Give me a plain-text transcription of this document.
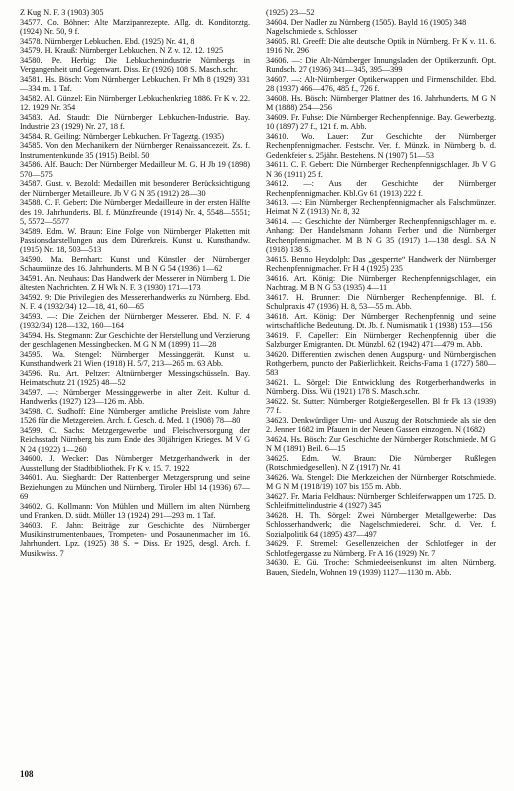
Z Kug N. F. 3 (1903) 305
34577. Co. Böhner: Alte Marzipanrezepte. Allg. dt. Konditorztg. (1924) Nr. 50, 9 f.
34578. Nürnberger Lebkuchen. Ebd. (1925) Nr. 41, 8
34579. H. Krauß: Nürnberger Lebkuchen. N Z v. 12. 12. 1925
34580. Pe. Herbig: Die Lebkuchenindustrie Nürnbergs in Vergangenheit und Gegenwart. Diss. Er (1926) 108 S. Masch.schr.
34581. Hs. Bösch: Vom Nürnberger Lebkuchen. Fr Mh 8 (1929) 331—334 m. 1 Taf.
34582. Al. Günzel: Ein Nürnberger Lebkuchenkrieg 1886. Fr K v. 22. 12. 1929 Nr. 354
34583. Ad. Staudt: Die Nürnberger Lebkuchen-Industrie. Bay. Industrie 23 (1929) Nr. 27, 18 f.
34584. R. Geiling: Nürnberger Lebkuchen. Fr Tageztg. (1935)
34585. Von den Mechanikern der Nürnberger Renaissancezeit. Zs. f. Instrumentenkunde 35 (1915) Beibl. 50
34586. Alf. Bauch: Der Nürnberger Medailleur M. G. H Jb 19 (1898) 570—575
34587. Gust. v. Bezold: Medaillen mit besonderer Berücksichtigung der Nürnberger Metailleure. Jb V G N 35 (1912) 28—30
34588. C. F. Gebert: Die Nürnberger Medailleure in der ersten Hälfte des 19. Jahrhunderts. Bl. f. Münzfreunde (1914) Nr. 4, 5548—5551; 5, 5572—5577
34589. Edm. W. Braun: Eine Folge von Nürnberger Plaketten mit Passionsdarstellungen aus dem Dürerkreis. Kunst u. Kunsthandw. (1915) Nr. 18, 503—513
34590. Ma. Bernhart: Kunst und Künstler der Nürnberger Schaumünze des 16. Jahrhunderts. M B N G 54 (1936) 1—62
34591. An. Neuhaus: Das Handwerk der Messerer in Nürnberg 1. Die ältesten Nachrichten. Z H Wk N. F. 3 (1930) 171—173
34592. 9: Die Privilegien des Messererhandwerks zu Nürnberg. Ebd. N. F. 4 (1932/34) 12—18, 41, 60—65
34593. —: Die Zeichen der Nürnberger Messerer. Ebd. N. F. 4 (1932/34) 128—132, 160—164
34594. Hs. Stegmann: Zur Geschichte der Herstellung und Verzierung der geschlagenen Messingbecken. M G N M (1899) 11—28
34595. Wa. Stengel: Nürnberger Messinggerät. Kunst u. Kunsthandwerk 21 Wien (1918) H. 5/7, 213—265 m. 63 Abb.
34596. Ru. Art. Peltzer: Altnürnberger Messingschüsseln. Bay. Heimatschutz 21 (1925) 48—52
34597. —: Nürnberger Messinggewerbe in alter Zeit. Kultur d. Handwerks (1927) 123—126 m. Abb.
34598. C. Sudhoff: Eine Nürnberger amtliche Preisliste vom Jahre 1526 für die Metzgereien. Arch. f. Gesch. d. Med. 1 (1908) 78—80
34599. C. Sachs: Metzgergewerbe und Fleischversorgung der Reichsstadt Nürnberg bis zum Ende des 30jährigen Krieges. M V G N 24 (1922) 1—260
34600. J. Wecker: Das Nürnberger Metzgerhandwerk in der Ausstellung der Stadtbibliothek. Fr K v. 15. 7. 1922
34601. Au. Sieghardt: Der Rattenberger Metzgersprung und seine Beziehungen zu München und Nürnberg. Tiroler Hbl 14 (1936) 67—69
34602. G. Kollmann: Von Mühlen und Müllern im alten Nürnberg und Franken. D. südt. Müller 13 (1924) 291—293 m. 1 Taf.
34603. F. Jahn: Beiträge zur Geschichte des Nürnberger Musikinstrumentenbaues, Trompeten- und Posaunenmacher im 16. Jahrhundert. Lpz. (1925) 38 S. = Diss. Er 1925, desgl. Arch. f. Musikwiss. 7
(1925) 23—52
34604. Der Nadler zu Nürnberg (1505). Bayld 16 (1905) 348
Nagelschmiede s. Schlosser
34605. Rl. Greeff: Die alte deutsche Optik in Nürnberg. Fr K v. 11. 6. 1916 Nr. 296
34606. —: Die Alt-Nürnberger Innungsladen der Optikerzunft. Opt. Rundsch. 27 (1936) 341—345, 395—399
34607. —: Alt-Nürnberger Optikerwappen und Firmenschilder. Ebd. 28 (1937) 466—476, 485 f., 726 f.
34608. Hs. Bösch: Nürnberger Plattner des 16. Jahrhunderts. M G N M (1888) 254—256
34609. Fr. Fuhse: Die Nürnberger Rechenpfennige. Bay. Gewerbeztg. 10 (1897) 27 f., 121 f. m. Abb.
34610. Wo. Lauer: Zur Geschichte der Nürnberger Rechenpfennigmacher. Festschr. Ver. f. Münzk. in Nürnberg b. d. Gedenkfeier s. 25jähr. Bestehens. N (1907) 51—53
34611. C. F. Gebert: Die Nürnberger Rechenpfennigschlager. Jb V G N 36 (1911) 25 f.
34612. —: Aus der Geschichte der Nürnberger Rechenpfennigmacher. Kbl.Gv 61 (1913) 222 f.
34613. —: Ein Nürnberger Rechenpfennigmacher als Falschmünzer. Heimat N Z (1913) Nr. 8, 32
34614. —: Geschichte der Nürnberger Rechenpfennigschlager m. e. Anhang: Der Handelsmann Johann Ferber und die Nürnberger Rechenpfennigmacher. M B N G 35 (1917) 1—138 desgl. SA N (1918) 138 S.
34615. Benno Heydolph: Das „gesperrte“ Handwerk der Nürnberger Rechenpfennigmacher. Fr H 4 (1925) 235
34616. Art. König: Die Nürnberger Rechenpfennigschlager, ein Nachtrag. M B N G 53 (1935) 4—11
34617. H. Brunner: Die Nürnberger Rechenpfennige. Bl. f. Schulpraxis 47 (1936) H. 8, 53—55 m. Abb.
34618. Art. König: Der Nürnberger Rechenpfennig und seine wirtschaftliche Bedeutung. Dt. Jb. f. Numismatik 1 (1938) 153—156
34619. F. Capeller: Ein Nürnberger Rechenpfennig über die Salzburger Emigranten. Dt. Münzbl. 62 (1942) 471—479 m. Abb.
34620. Differentien zwischen denen Augspurg- und Nürnbergischen Rothgerbern, puncto der Paßierlichkeit. Reichs-Fama 1 (1727) 580—583
34621. L. Sörgel: Die Entwicklung des Rotgerberhandwerks in Nürnberg. Diss. Wü (1921) 178 S. Masch.schr.
34622. St. Sutter: Nürnberger Rotgießergesellen. Bl fr Fk 13 (1939) 77 f.
34623. Denkwürdiger Um- und Auszug der Rotschmiede als sie den 2. Jenner 1682 im Pfauen in der Neuen Gassen einzogen. N (1682)
34624. Hs. Bösch: Zur Geschichte der Nürnberger Rotschmiede. M G N M (1891) Beil. 6—15
34625. Edm. W. Braun: Die Nürnberger Rußlegen (Rotschmiedgesellen). N Z (1917) Nr. 41
34626. Wa. Stengel: Die Merkzeichen der Nürnberger Rotschmiede. M G N M (1918/19) 107 bis 155 m. Abb.
34627. Fr. Maria Feldhaus: Nürnberger Schleiferwappen um 1725. D. Schleifmittelindustrie 4 (1927) 345
34628. H. Th. Sörgel: Zwei Nürnberger Metallgewerbe: Das Schlosserhandwerk; die Nagelschmiederei. Schr. d. Ver. f. Sozialpolitik 64 (1895) 437—497
34629. F. Stremel: Gesellenzeichen der Schlotfeger in der Schlotfegergasse zu Nürnberg. Fr A 16 (1929) Nr. 7
34630. E. Gü. Troche: Schmiedeeisenkunst im alten Nürnberg. Bauen, Siedeln, Wohnen 19 (1939) 1127—1130 m. Abb.
108
